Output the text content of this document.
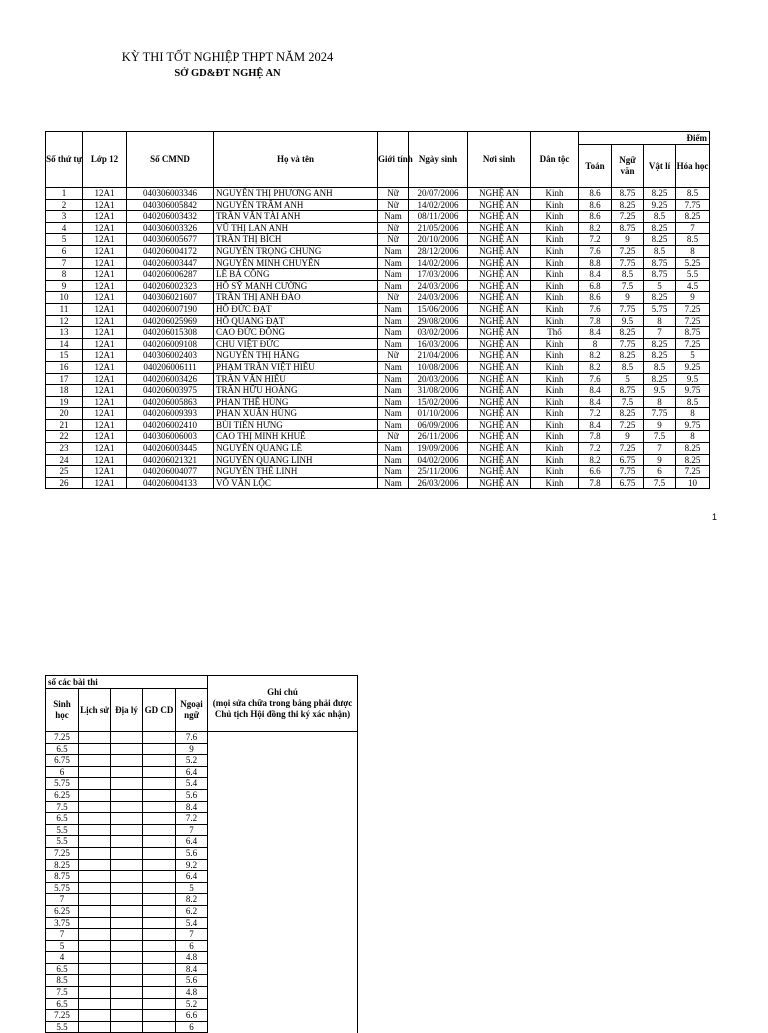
KỲ THI TỐT NGHIỆP THPT NĂM 2024
SỞ GD&ĐT NGHỆ AN
Số thứ tự	Lớp 12	Số CMND	Họ và tên	Giới tính	Ngày sinh	Nơi sinh	Dân tộc	Điểm			
								Toán	Ngữ văn	Vật lí	Hóa học
1	12A1	040306003346	NGUYỄN THỊ PHƯƠNG ANH	Nữ	20/07/2006	NGHỆ AN	Kinh	8.6	8.75	8.25	8.5
2	12A1	040306005842	NGUYỄN TRÂM ANH	Nữ	14/02/2006	NGHỆ AN	Kinh	8.6	8.25	9.25	7.75
3	12A1	040206003432	TRẦN VĂN TÀI ANH	Nam	08/11/2006	NGHỆ AN	Kinh	8.6	7.25	8.5	8.25
4	12A1	040306003326	VŨ THỊ LAN ANH	Nữ	21/05/2006	NGHỆ AN	Kinh	8.2	8.75	8.25	7
5	12A1	040306005677	TRẦN THỊ BÍCH	Nữ	20/10/2006	NGHỆ AN	Kinh	7.2	9	8.25	8.5
6	12A1	040206004172	NGUYỄN TRỌNG CHUNG	Nam	28/12/2006	NGHỆ AN	Kinh	7.6	7.25	8.5	8
7	12A1	040206003447	NGUYỄN MINH CHUYÊN	Nam	14/02/2006	NGHỆ AN	Kinh	8.8	7.75	8.75	5.25
8	12A1	040206006287	LÊ BÁ CÔNG	Nam	17/03/2006	NGHỆ AN	Kinh	8.4	8.5	8.75	5.5
9	12A1	040206002323	HỒ SỸ MẠNH CƯỜNG	Nam	24/03/2006	NGHỆ AN	Kinh	6.8	7.5	5	4.5
10	12A1	040306021607	TRẦN THỊ ANH ĐÀO	Nữ	24/03/2006	NGHỆ AN	Kinh	8.6	9	8.25	9
11	12A1	040206007190	HỒ ĐỨC ĐẠT	Nam	15/06/2006	NGHỆ AN	Kinh	7.6	7.75	5.75	7.25
12	12A1	040206025969	HỒ QUANG ĐẠT	Nam	29/08/2006	NGHỆ AN	Kinh	7.8	9.5	8	7.25
13	12A1	040206015308	CAO ĐỨC ĐÔNG	Nam	03/02/2006	NGHỆ AN	Thổ	8.4	8.25	7	8.75
14	12A1	040206009108	CHU VIỆT ĐỨC	Nam	16/03/2006	NGHỆ AN	Kinh	8	7.75	8.25	7.25
15	12A1	040306002403	NGUYỄN THỊ HẰNG	Nữ	21/04/2006	NGHỆ AN	Kinh	8.2	8.25	8.25	5
16	12A1	040206006111	PHẠM TRẦN VIỆT HIẾU	Nam	10/08/2006	NGHỆ AN	Kinh	8.2	8.5	8.5	9.25
17	12A1	040206003426	TRẦN VĂN HIẾU	Nam	20/03/2006	NGHỆ AN	Kinh	7.6	5	8.25	9.5
18	12A1	040206003975	TRẦN HỮU HOÀNG	Nam	31/08/2006	NGHỆ AN	Kinh	8.4	8.75	9.5	9.75
19	12A1	040206005863	PHAN THẾ HÙNG	Nam	15/02/2006	NGHỆ AN	Kinh	8.4	7.5	8	8.5
20	12A1	040206009393	PHAN XUÂN HÙNG	Nam	01/10/2006	NGHỆ AN	Kinh	7.2	8.25	7.75	8
21	12A1	040206002410	BÙI TIẾN HƯNG	Nam	06/09/2006	NGHỆ AN	Kinh	8.4	7.25	9	9.75
22	12A1	040306006003	CAO THỊ MINH KHUÊ	Nữ	26/11/2006	NGHỆ AN	Kinh	7.8	9	7.5	8
23	12A1	040206003445	NGUYỄN QUANG LÊ	Nam	19/09/2006	NGHỆ AN	Kinh	7.2	7.25	7	8.25
24	12A1	040206021321	NGUYỄN QUANG LINH	Nam	04/02/2006	NGHỆ AN	Kinh	8.2	6.75	9	8.25
25	12A1	040206004077	NGUYỄN THẾ LINH	Nam	25/11/2006	NGHỆ AN	Kinh	6.6	7.75	6	7.25
26	12A1	040206004133	VÕ VĂN LỘC	Nam	26/03/2006	NGHỆ AN	Kinh	7.8	6.75	7.5	10
1
số các bài thi					Ghi chú
(mọi sửa chữa trong bảng phải được Chủ tịch Hội đồng thi ký xác nhận)
Sinh học	Lịch sử	Địa lý	GD CD	Ngoại ngữ	
7.25				7.6	
6.5				9	
6.75				5.2	
6				6.4	
5.75				5.4	
6.25				5.6	
7.5				8.4	
6.5				7.2	
5.5				7	
5.5				6.4	
7.25				5.6	
8.25				9.2	
8.75				6.4	
5.75				5	
7				8.2	
6.25				6.2	
3.75				5.4	
7				7	
5				6	
4				4.8	
6.5				8.4	
8.5				5.6	
7.5				4.8	
6.5				5.2	
7.25				6.6	
5.5				6	
